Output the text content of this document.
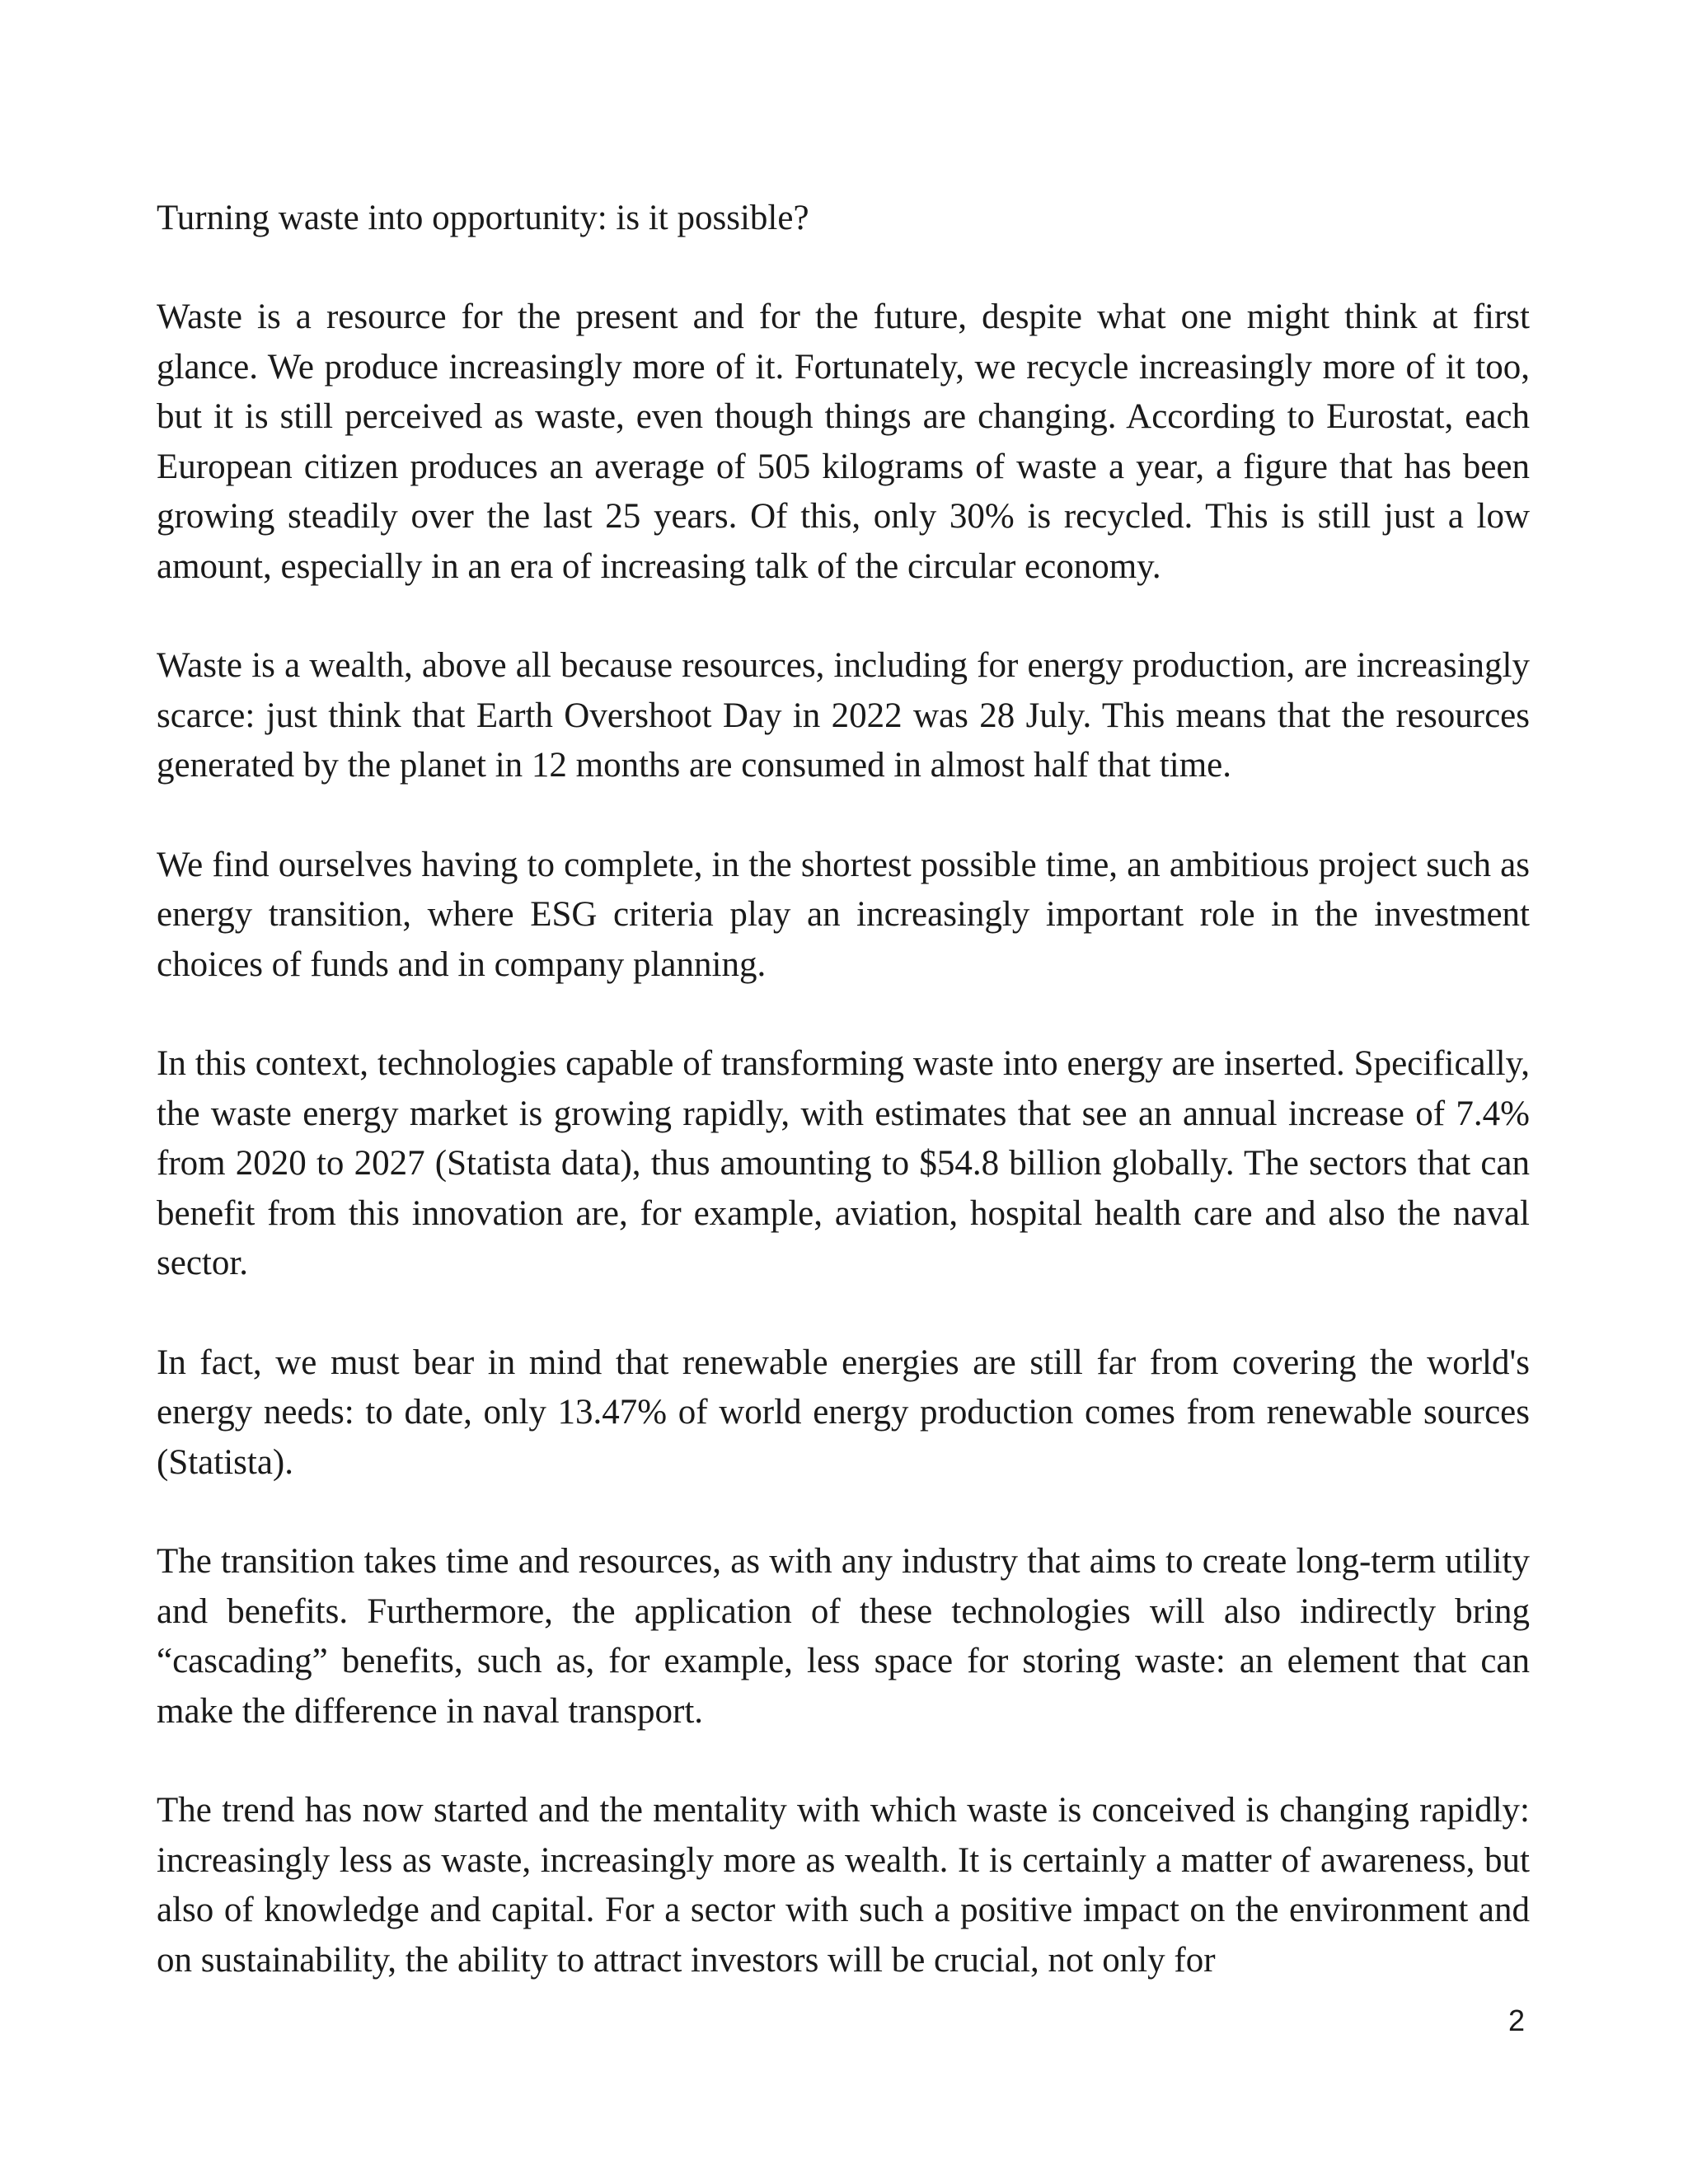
Turning waste into opportunity: is it possible?

Waste is a resource for the present and for the future, despite what one might think at first glance. We produce increasingly more of it. Fortunately, we recycle increasingly more of it too, but it is still perceived as waste, even though things are changing. According to Eurostat, each European citizen produces an average of 505 kilograms of waste a year, a figure that has been growing steadily over the last 25 years. Of this, only 30% is recycled. This is still just a low amount, especially in an era of increasing talk of the circular economy.

Waste is a wealth, above all because resources, including for energy production, are increasingly scarce: just think that Earth Overshoot Day in 2022 was 28 July. This means that the resources generated by the planet in 12 months are consumed in almost half that time.

We find ourselves having to complete, in the shortest possible time, an ambitious project such as energy transition, where ESG criteria play an increasingly important role in the investment choices of funds and in company planning.

In this context, technologies capable of transforming waste into energy are inserted. Specifically, the waste energy market is growing rapidly, with estimates that see an annual increase of 7.4% from 2020 to 2027 (Statista data), thus amounting to $54.8 billion globally. The sectors that can benefit from this innovation are, for example, aviation, hospital health care and also the naval sector.

In fact, we must bear in mind that renewable energies are still far from covering the world's energy needs: to date, only 13.47% of world energy production comes from renewable sources (Statista).

The transition takes time and resources, as with any industry that aims to create long-term utility and benefits. Furthermore, the application of these technologies will also indirectly bring “cascading” benefits, such as, for example, less space for storing waste: an element that can make the difference in naval transport.

The trend has now started and the mentality with which waste is conceived is changing rapidly: increasingly less as waste, increasingly more as wealth. It is certainly a matter of awareness, but also of knowledge and capital. For a sector with such a positive impact on the environment and on sustainability, the ability to attract investors will be crucial, not only for

2
